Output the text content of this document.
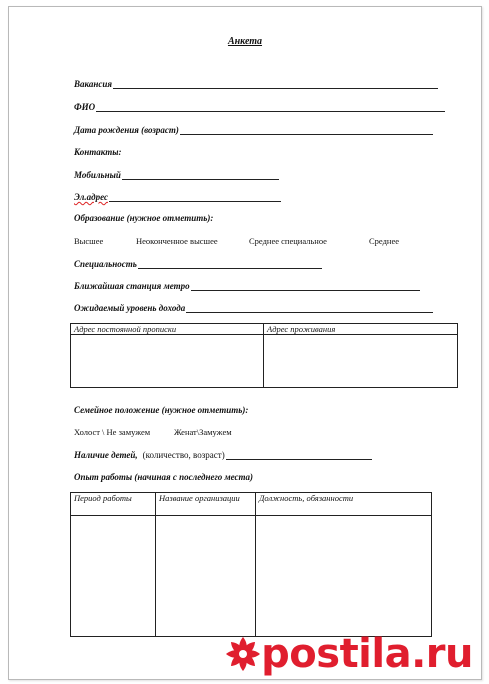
Анкета
Вакансия
ФИО
Дата рождения (возраст)
Контакты:
Мобильный
Эл.адрес
Образование (нужное отметить):
Высшее	Неоконченное высшее	Среднее специальное	Среднее
Специальность
Ближайшая станция метро
Ожидаемый уровень дохода
Адрес постоянной прописки	Адрес проживания

Семейное положение (нужное отметить):
Холост \ Не замужем	Женат\Замужем
Наличие детей, (количество, возраст)
Опыт работы (начиная с последнего места)
Период работы	Название организации	Должность, обязанности

postila.ru
